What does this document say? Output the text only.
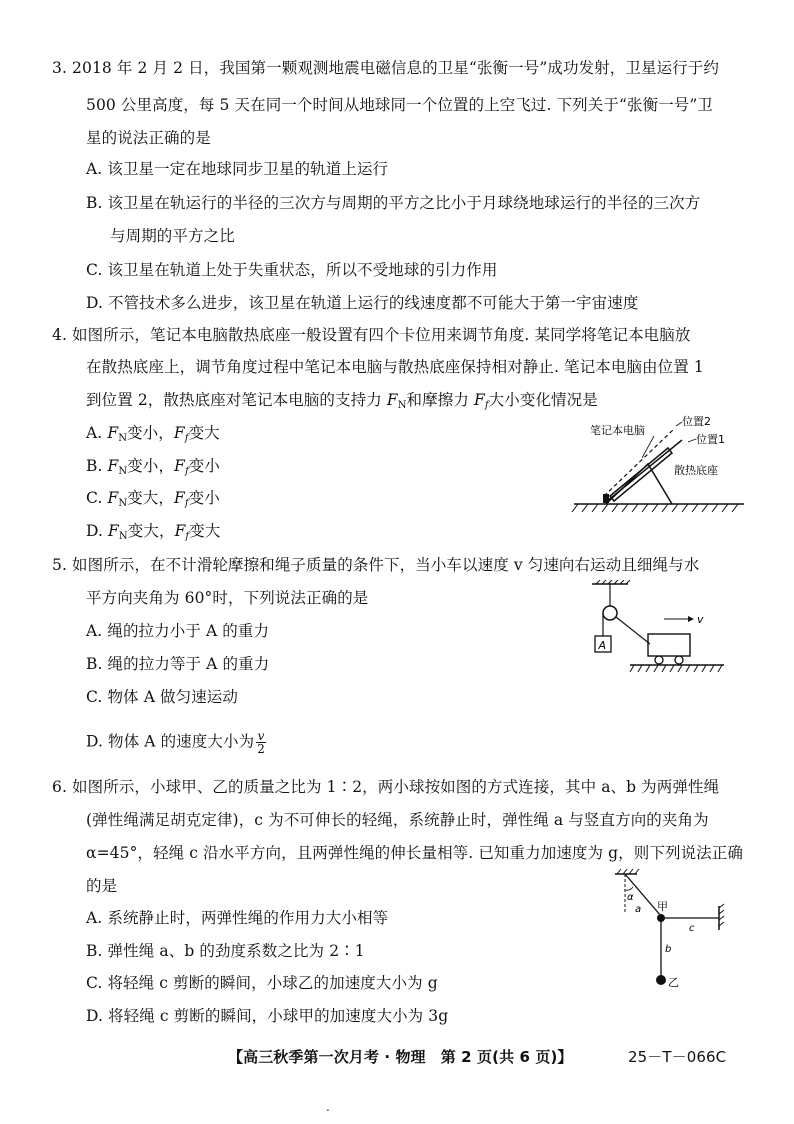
3. 2018 年 2 月 2 日，我国第一颗观测地震电磁信息的卫星“张衡一号”成功发射，卫星运行于约
500 公里高度，每 5 天在同一个时间从地球同一个位置的上空飞过. 下列关于“张衡一号”卫
星的说法正确的是
A. 该卫星一定在地球同步卫星的轨道上运行
B. 该卫星在轨运行的半径的三次方与周期的平方之比小于月球绕地球运行的半径的三次方
与周期的平方之比
C. 该卫星在轨道上处于失重状态，所以不受地球的引力作用
D. 不管技术多么进步，该卫星在轨道上运行的线速度都不可能大于第一宇宙速度
4. 如图所示，笔记本电脑散热底座一般设置有四个卡位用来调节角度. 某同学将笔记本电脑放
在散热底座上，调节角度过程中笔记本电脑与散热底座保持相对静止. 笔记本电脑由位置 1
到位置 2，散热底座对笔记本电脑的支持力 $F_N$和摩擦力 $F_f$大小变化情况是
A. $F_N$变小，$F_f$变大
B. $F_N$变小，$F_f$变小
C. $F_N$变大，$F_f$变小
D. $F_N$变大，$F_f$变大
笔记本电脑
位置2
位置1
散热底座
5. 如图所示，在不计滑轮摩擦和绳子质量的条件下，当小车以速度 v 匀速向右运动且细绳与水
平方向夹角为 60°时，下列说法正确的是
A. 绳的拉力小于 A 的重力
B. 绳的拉力等于 A 的重力
C. 物体 A 做匀速运动
D. 物体 A 的速度大小为 $\frac{v}{2}$
A
v
6. 如图所示，小球甲、乙的质量之比为 1∶2，两小球按如图的方式连接，其中 a、b 为两弹性绳
(弹性绳满足胡克定律)，c 为不可伸长的轻绳，系统静止时，弹性绳 a 与竖直方向的夹角为
α=45°，轻绳 c 沿水平方向，且两弹性绳的伸长量相等. 已知重力加速度为 g，则下列说法正确
的是
A. 系统静止时，两弹性绳的作用力大小相等
B. 弹性绳 a、b 的劲度系数之比为 2∶1
C. 将轻绳 c 剪断的瞬间，小球乙的加速度大小为 g
D. 将轻绳 c 剪断的瞬间，小球甲的加速度大小为 3g
α
a 甲
c
b
乙
【高三秋季第一次月考 · 物理　第 2 页(共 6 页)】	25－T－066C
.
